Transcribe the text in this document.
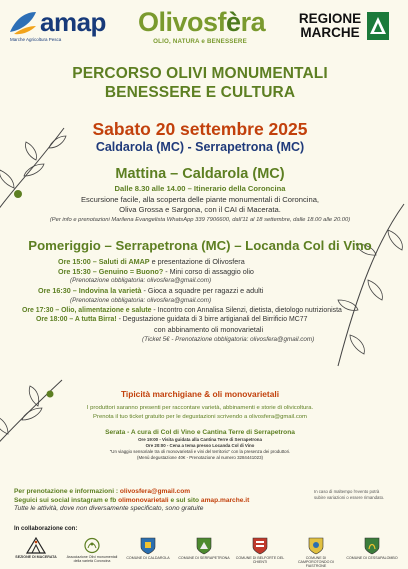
amap
Marche Agricoltura Pesca
Olivosfèra
OLIO, NATURA e BENESSERE
REGIONE
MARCHE
PERCORSO OLIVI MONUMENTALI
BENESSERE E CULTURA
Sabato 20 settembre 2025
Caldarola (MC) - Serrapetrona (MC)
Mattina – Caldarola (MC)
Dalle 8.30 alle 14.00 – Itinerario della Coroncina
Escursione facile, alla scoperta delle piante monumentali di Coroncina,
Oliva Grossa e Sargona, con il CAI di Macerata.
(Per info e prenotazioni Marilena Evangelista WhatsApp 339 7906600, dall'11 al 18 settembre, dalle 18.00 alle 20.00)
Pomeriggio – Serrapetrona (MC) – Locanda Col di Vino
Ore 15:00 – Saluti di AMAP e presentazione di Olivosfera
Ore 15:30 – Genuino = Buono? - Mini corso di assaggio olio
(Prenotazione obbligatoria: olivosfera@gmail.com)
Ore 16:30 – Indovina la varietà - Gioca a squadre per ragazzi e adulti
(Prenotazione obbligatoria: olivosfera@gmail.com)
Ore 17:30 – Olio, alimentazione e salute - Incontro con Annalisa Silenzi, dietista, dietologo nutrizionista
Ore 18:00 – A tutta Birra! - Degustazione guidata di 3 birre artigianali del Birrificio MC77
con abbinamento oli monovarietali
(Ticket 5€ - Prenotazione obbligatoria: olivosfera@gmail.com)
Tipicità marchigiane & oli monovarietali
I produttori saranno presenti per raccontare varietà, abbinamenti e storie di olivicoltura.
Prenota il tuo ticket gratuito per le degustazioni scrivendo a olivosfera@gmail.com
Serata - A cura di Col di Vino e Cantina Terre di Serrapetrona
Ore 19:00 - Visita guidata alla Cantina Terre di Serrapetrona
Ore 20:00 - Cena a tema presso Locanda Col di Vino
"Un viaggio sensoriale tra oli monovarietali e vini del territorio" con la presenza dei produttori.
(Menù degustazione 40€ - Prenotazione al numero 3284441023)
Per prenotazione e informazioni : olivosfera@gmail.com
Seguici sui social instagram e fb olimonovarietali e sul sito amap.marche.it
Tutte le attività, dove non diversamente specificato, sono gratuite
In caso di maltempo l'evento potrà subire variazioni o essere rimandato.
In collaborazione con:
SEZIONE DI MACERATA	Associazione Olivi monumentali della varietà Coroncina
COMUNE DI CALDAROLA	COMUNE DI SERRAPETRONA	COMUNE DI BELFORTE DEL CHIENTI
COMUNE DI CAMPOROTONDO DI FIASTRONE
COMUNE DI CESSAPALOMBO
